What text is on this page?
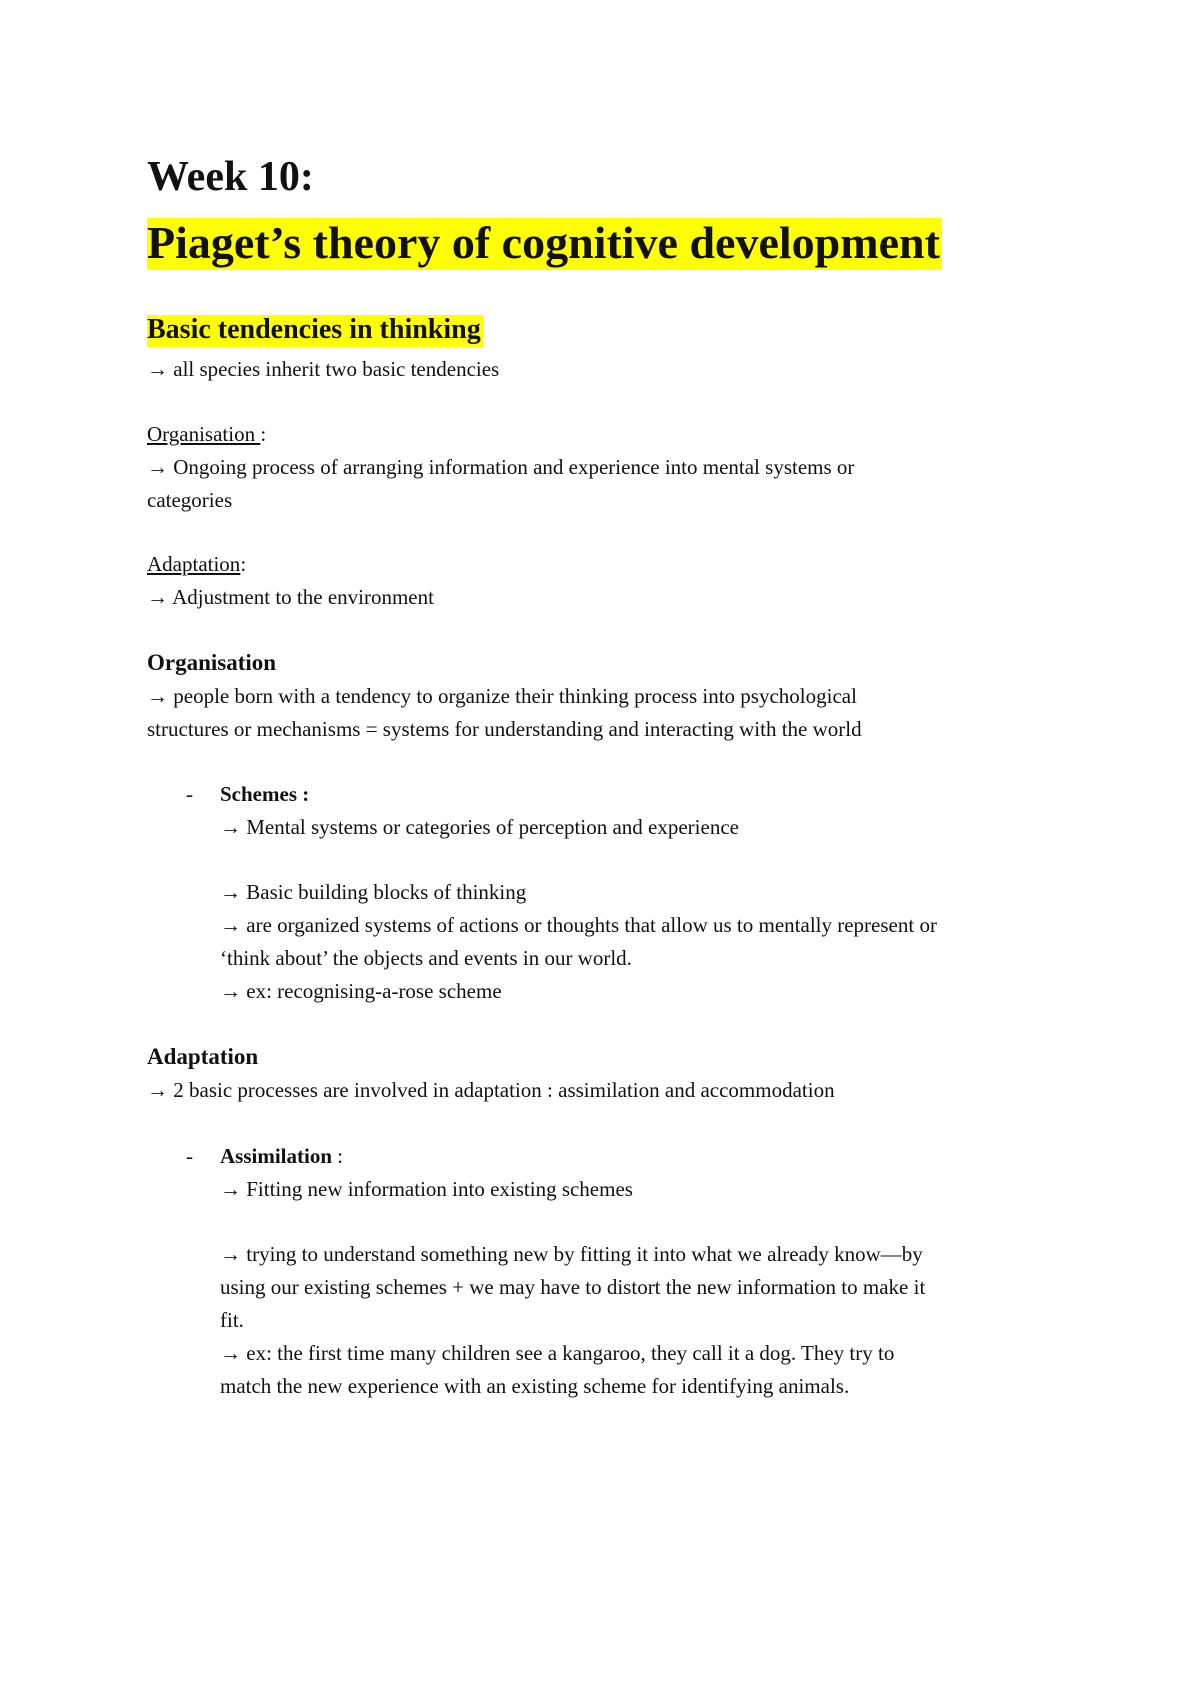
Week 10:
Piaget’s theory of cognitive development
Basic tendencies in thinking
→ all species inherit two basic tendencies
Organisation :
→ Ongoing process of arranging information and experience into mental systems or
categories
Adaptation:
→ Adjustment to the environment
Organisation
→ people born with a tendency to organize their thinking process into psychological
structures or mechanisms = systems for understanding and interacting with the world
- Schemes :
→ Mental systems or categories of perception and experience
→ Basic building blocks of thinking
→ are organized systems of actions or thoughts that allow us to mentally represent or
‘think about’ the objects and events in our world.
→ ex: recognising-a-rose scheme
Adaptation
→ 2 basic processes are involved in adaptation : assimilation and accommodation
- Assimilation :
→ Fitting new information into existing schemes
→ trying to understand something new by fitting it into what we already know—by
using our existing schemes + we may have to distort the new information to make it
fit.
→ ex: the first time many children see a kangaroo, they call it a dog. They try to
match the new experience with an existing scheme for identifying animals.
